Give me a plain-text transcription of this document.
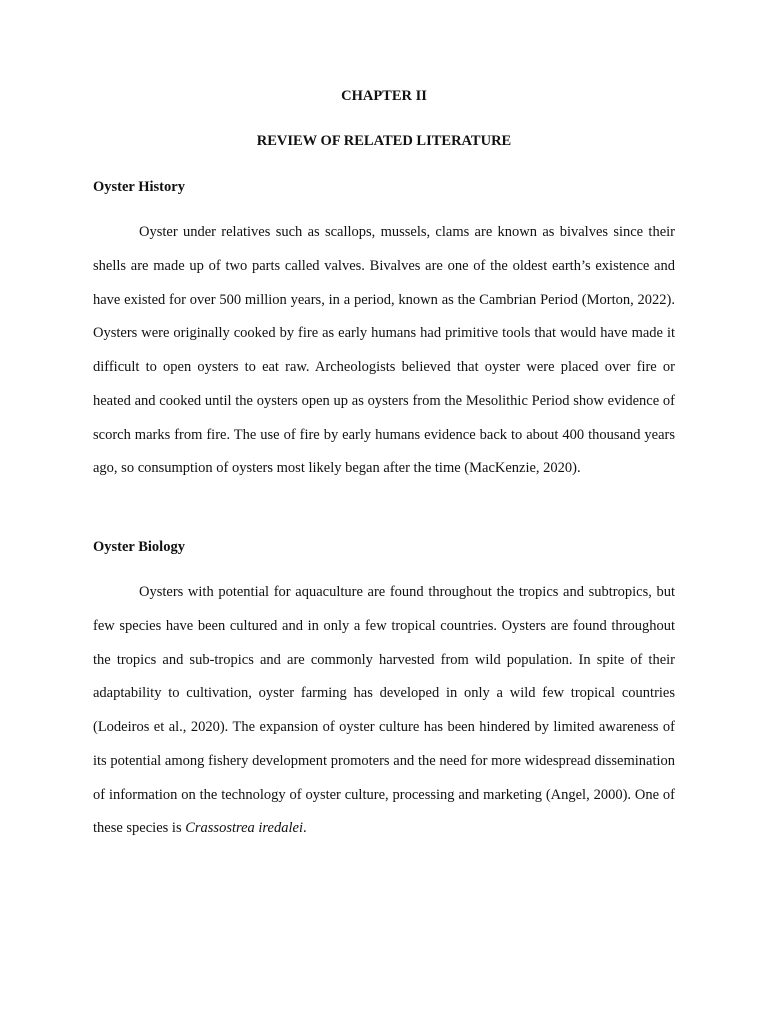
CHAPTER II
REVIEW OF RELATED LITERATURE
Oyster History

Oyster under relatives such as scallops, mussels, clams are known as bivalves since their shells are made up of two parts called valves. Bivalves are one of the oldest earth’s existence and have existed for over 500 million years, in a period, known as the Cambrian Period (Morton, 2022). Oysters were originally cooked by fire as early humans had primitive tools that would have made it difficult to open oysters to eat raw. Archeologists believed that oyster were placed over fire or heated and cooked until the oysters open up as oysters from the Mesolithic Period show evidence of scorch marks from fire. The use of fire by early humans evidence back to about 400 thousand years ago, so consumption of oysters most likely began after the time (MacKenzie, 2020).

Oyster Biology

Oysters with potential for aquaculture are found throughout the tropics and subtropics, but few species have been cultured and in only a few tropical countries. Oysters are found throughout the tropics and sub-tropics and are commonly harvested from wild population. In spite of their adaptability to cultivation, oyster farming has developed in only a wild few tropical countries (Lodeiros et al., 2020). The expansion of oyster culture has been hindered by limited awareness of its potential among fishery development promoters and the need for more widespread dissemination of information on the technology of oyster culture, processing and marketing (Angel, 2000). One of these species is Crassostrea iredalei.
